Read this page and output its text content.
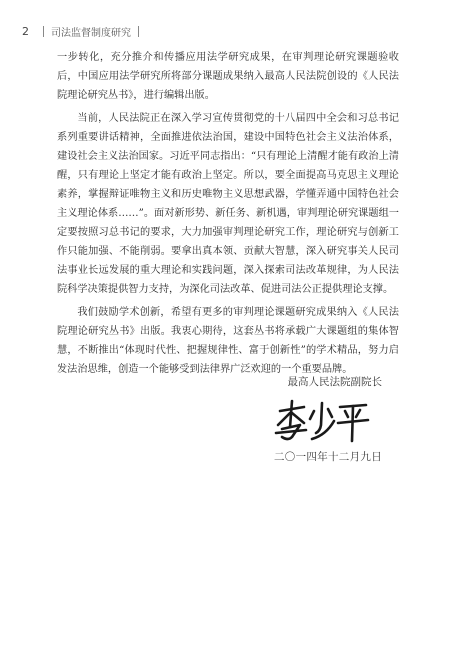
2 司法监督制度研究

一步转化，充分推介和传播应用法学研究成果，在审判理论研究课题验收后，中国应用法学研究所将部分课题成果纳入最高人民法院创设的《人民法院理论研究丛书》，进行编辑出版。

当前，人民法院正在深入学习宣传贯彻党的十八届四中全会和习总书记系列重要讲话精神，全面推进依法治国，建设中国特色社会主义法治体系，建设社会主义法治国家。习近平同志指出：“只有理论上清醒才能有政治上清醒，只有理论上坚定才能有政治上坚定。所以，要全面提高马克思主义理论素养，掌握辩证唯物主义和历史唯物主义思想武器，学懂弄通中国特色社会主义理论体系……”。面对新形势、新任务、新机遇，审判理论研究课题组一定要按照习总书记的要求，大力加强审判理论研究工作，理论研究与创新工作只能加强、不能削弱。要拿出真本领、贡献大智慧，深入研究事关人民司法事业长远发展的重大理论和实践问题，深入探索司法改革规律，为人民法院科学决策提供智力支持，为深化司法改革、促进司法公正提供理论支撑。

我们鼓励学术创新，希望有更多的审判理论课题研究成果纳入《人民法院理论研究丛书》出版。我衷心期待，这套丛书将承载广大课题组的集体智慧，不断推出“体现时代性、把握规律性、富于创新性”的学术精品，努力启发法治思维，创造一个能够受到法律界广泛欢迎的一个重要品牌。

最高人民法院副院长
二〇一四年十二月九日
